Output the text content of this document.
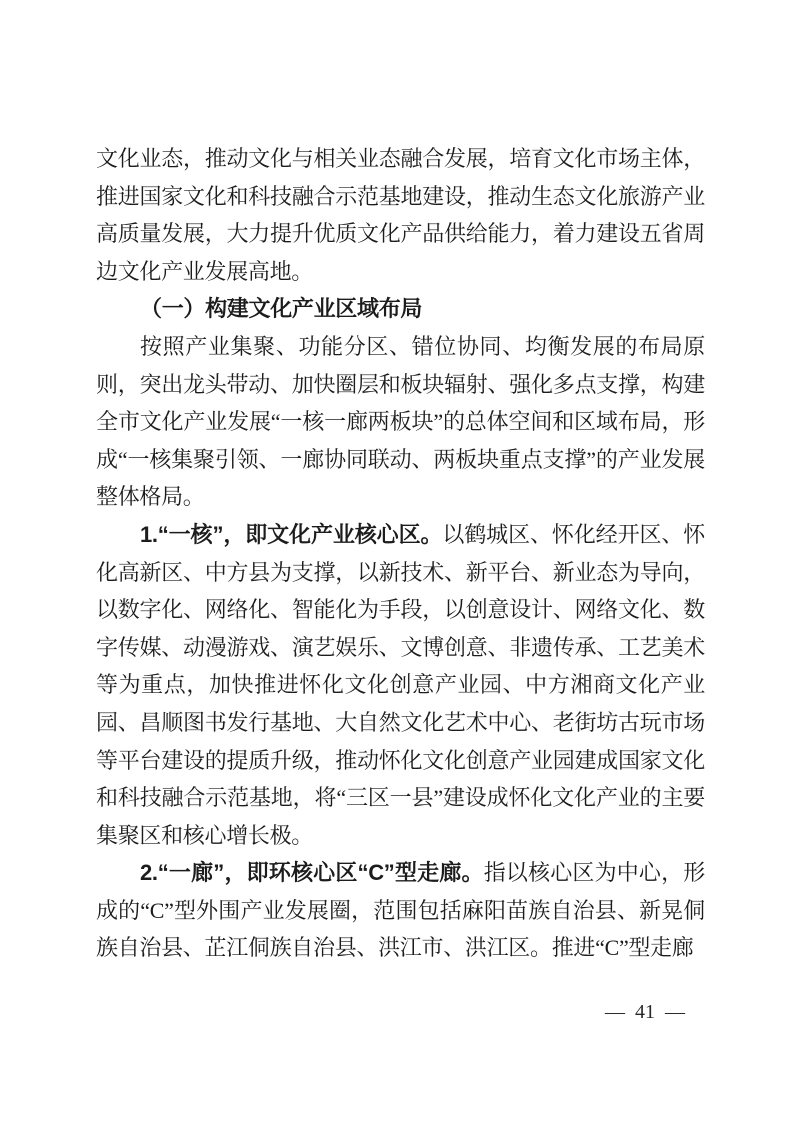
文化业态，推动文化与相关业态融合发展，培育文化市场主体，推进国家文化和科技融合示范基地建设，推动生态文化旅游产业高质量发展，大力提升优质文化产品供给能力，着力建设五省周边文化产业发展高地。

（一）构建文化产业区域布局

按照产业集聚、功能分区、错位协同、均衡发展的布局原则，突出龙头带动、加快圈层和板块辐射、强化多点支撑，构建全市文化产业发展“一核一廊两板块”的总体空间和区域布局，形成“一核集聚引领、一廊协同联动、两板块重点支撑”的产业发展整体格局。

1.“一核”，即文化产业核心区。以鹤城区、怀化经开区、怀化高新区、中方县为支撑，以新技术、新平台、新业态为导向，以数字化、网络化、智能化为手段，以创意设计、网络文化、数字传媒、动漫游戏、演艺娱乐、文博创意、非遗传承、工艺美术等为重点，加快推进怀化文化创意产业园、中方湘商文化产业园、昌顺图书发行基地、大自然文化艺术中心、老街坊古玩市场等平台建设的提质升级，推动怀化文化创意产业园建成国家文化和科技融合示范基地，将“三区一县”建设成怀化文化产业的主要集聚区和核心增长极。

2.“一廊”，即环核心区“C”型走廊。指以核心区为中心，形成的“C”型外围产业发展圈，范围包括麻阳苗族自治县、新晃侗族自治县、芷江侗族自治县、洪江市、洪江区。推进“C”型走廊

— 41 —
